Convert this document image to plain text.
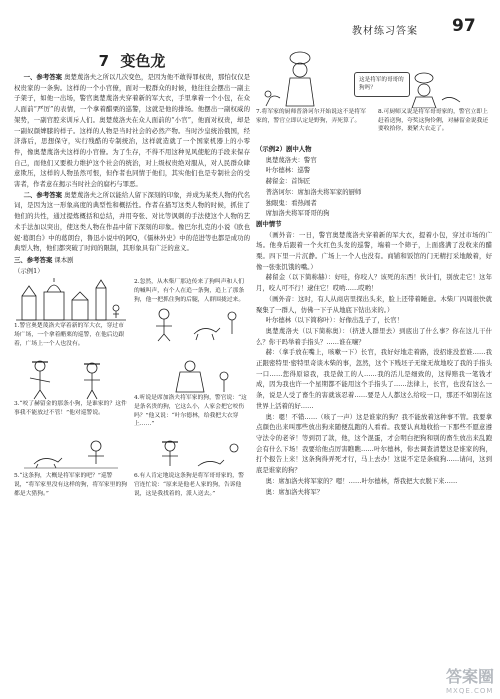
教材练习答案 97
7 变色龙

一、参考答案 奥楚蔑洛夫之所以几次变色，是因为他不敢得罪权贵，那怕仅仅是权贵家的一条狗。这样的一个小官僚，面对一般群众的时候，他往往会摆出一副主子架子，如他一出场，警官奥楚蔑洛夫穿着新的军大衣，手里拿着一个小包，在众人面前“严厉”的表情，一个拿着醋栗的巡警，这就是他的排场。他摆出一副权威的架势，一副官腔来训斥人们。奥楚蔑洛夫在众人面前的“小官”，他面对权贵，却是一副奴颜婢膝的样子。这样的人物是当时社会的必然产物。当时沙皇统治俄国，经济落后，思想保守，实行残酷的专制统治，这样就造就了一个国家机器上的小零件，像奥楚蔑洛夫这样的小官僚。为了生存，不得不用这种见风使舵的手段来保存自己，而他们又要极力维护这个社会的统治，对上级权贵绝对服从，对人民群众肆意欺压，这样的人物虽然可恨，但作者也同情于他们，其实他们也是专制社会的受害者，作者意在揭示当时社会的腐朽与罪恶。

二、参考答案 奥楚蔑洛夫之所以能给人留下深刻的印象，并成为某类人物的代名词，是因为这一形象高度的典型性和概括性。作者在描写这类人物的时候，抓住了他们的共性，通过提炼概括和总结，并用夸张、对比等讽刺的手法使这个人物的艺术手法加以突出，使这类人物在作品中留下深刻的印象。像巴尔扎克的小说《欧也妮·葛朗台》中的葛朗台，鲁迅小说中的阿Q，《儒林外史》中的范进等也都是成功的典型人物，他们都突破了时间的限制，其形象具有广泛的意义。

三、参考答案 课本剧

（示例1）

1.警官奥楚蔑洛夫穿着新的军大衣，穿过市场广场，一个拿着醋栗的巡警，在他后边跟着，广场上一个人也没有。
2.忽然，从木柴厂那边传来了狗叫声和人们的喊叫声，有个人在追一条狗，追上了那条狗，他一把抓住狗的后腿，人群围拢过来。
3.“咬了赫留金的那条小狗，是谁家的？这件事我不能放过不管！”他对巡警说。
4.听说是席加洛夫将军家的狗，警官说：“这是条名贵的狗，它这么小，人家会把它咬伤吗？”他又说：“叶尔德林，给我把大衣穿上……”
5.“这条狗，大概是将军家的吧？”巡警说，“将军家里没有这样的狗，将军家里的狗都是大猎狗。”
6.有人肯定地说这条狗是将军哥哥家的，警官连忙说：“原来是他老人家的狗，告诉他说，这是我找着的，派人送去。”
这是将军的哥哥的狗吗？
7.将军家的厨师普洛诃尔开始说这不是将军家的，警官立即认定是野狗，弄死算了。
8.可厨师又说是将军哥哥家的，警官立即上赶着送狗，夸奖这狗伶俐，对赫留金说我还要收拾你，裹紧大衣走了。

（示例2）剧中人物

奥楚蔑洛夫：警官

叶尔德林：巡警

赫留金：首饰匠

普洛诃尔：席加洛夫将军家的厨师

独眼鬼：看热闹者

席加洛夫将军哥哥的狗

剧中情节

（画外音：一日，警官奥楚蔑洛夫穿着新的军大衣，提着小包，穿过市场的广场。他身后跟着一个火红色头发的巡警，端着一个筛子，上面盛满了没收来的醋栗。四下里一片沉静。广场上一个人也没有。商铺和饭馆的门无精打采地敞着，好像一张张饥饿的嘴。）

赫留金（以下简称赫）：好哇，你咬人？该死的东西！伙计们，别放走它！这年月，咬人可不行！逮住它！哎哟……哎哟！

（画外音：这时，有人从商店里探出头来，脸上还带着睡意。木柴厂四周很快就聚集了一群人，仿佛一下子从地底下钻出来的。）

叶尔德林（以下简称叶）：好像出乱子了，长官！

奥楚蔑洛夫（以下简称奥）：（挤进人群里去）到底出了什么事？你在这儿干什么？你干吗举着手指头？……谁在嚷？

赫：（拿手放在嘴上，咳嗽一下）长官，我好好地走着路，没招谁没惹谁……我正跟密特里·密特里奇谈木柴的事，忽然，这个下贱坯子无缘无故地咬了我的手指头一口……您得原谅我，我是做工的人……我的活儿是细致的，这得赔我一笔钱才成，因为我也许一个星期都不能用这个手指头了……法律上，长官，也没有这么一条，说是人受了畜生的害就该忍着……要是人人都这么给咬一口，那还不如别在这世界上活着的好……

奥：嗯！不错……（咳了一声）这是谁家的狗？我不能放着这种事不管。我要拿点颜色出来叫那些放出狗来随便乱跑的人看看。我要认真地收拾一下那些不愿意遵守法令的老爷！等到罚了款，他，这个混蛋，才会明白把狗和别的畜生放出来乱跑会有什么下场！我要给他点厉害瞧瞧……叶尔德林，你去调查清楚这是谁家的狗，打个报告上来！这条狗得弄死才行，马上去办！这说不定是条疯狗……请问，这到底是谁家的狗？

奥：席加洛夫将军家的？嗯！……叶尔德林，帮我把大衣脱下来……

奥：席加洛夫将军？

答案圈
MXQE.COM
